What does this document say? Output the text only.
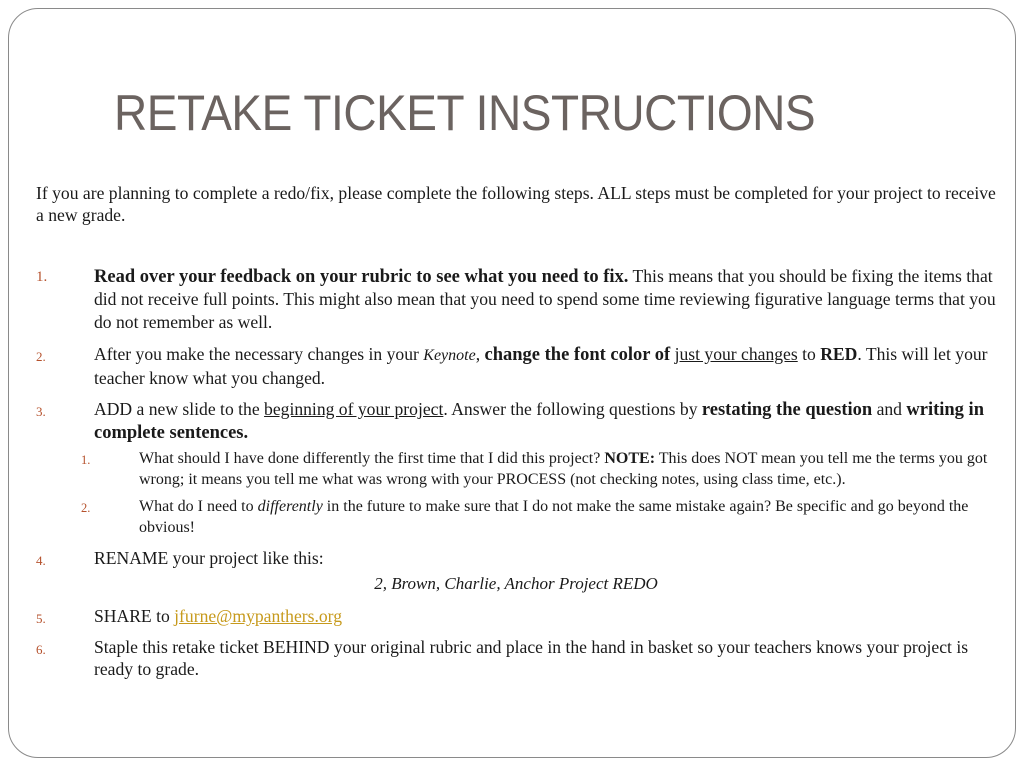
RETAKE TICKET INSTRUCTIONS

If you are planning to complete a redo/fix, please complete the following steps. ALL steps must be completed for your project to receive a new grade.

1.	Read over your feedback on your rubric to see what you need to fix. This means that you should be fixing the items that did not receive full points. This might also mean that you need to spend some time reviewing figurative language terms that you do not remember as well.
2.	After you make the necessary changes in your Keynote, change the font color of just your changes to RED. This will let your teacher know what you changed.
3.	ADD a new slide to the beginning of your project. Answer the following questions by restating the question and writing in complete sentences.
1.	What should I have done differently the first time that I did this project? NOTE: This does NOT mean you tell me the terms you got wrong; it means you tell me what was wrong with your PROCESS (not checking notes, using class time, etc.).
2.	What do I need to differently in the future to make sure that I do not make the same mistake again? Be specific and go beyond the obvious!
4.	RENAME your project like this:
2, Brown, Charlie, Anchor Project REDO
5.	SHARE to jfurne@mypanthers.org
6.	Staple this retake ticket BEHIND your original rubric and place in the hand in basket so your teachers knows your project is ready to grade.
